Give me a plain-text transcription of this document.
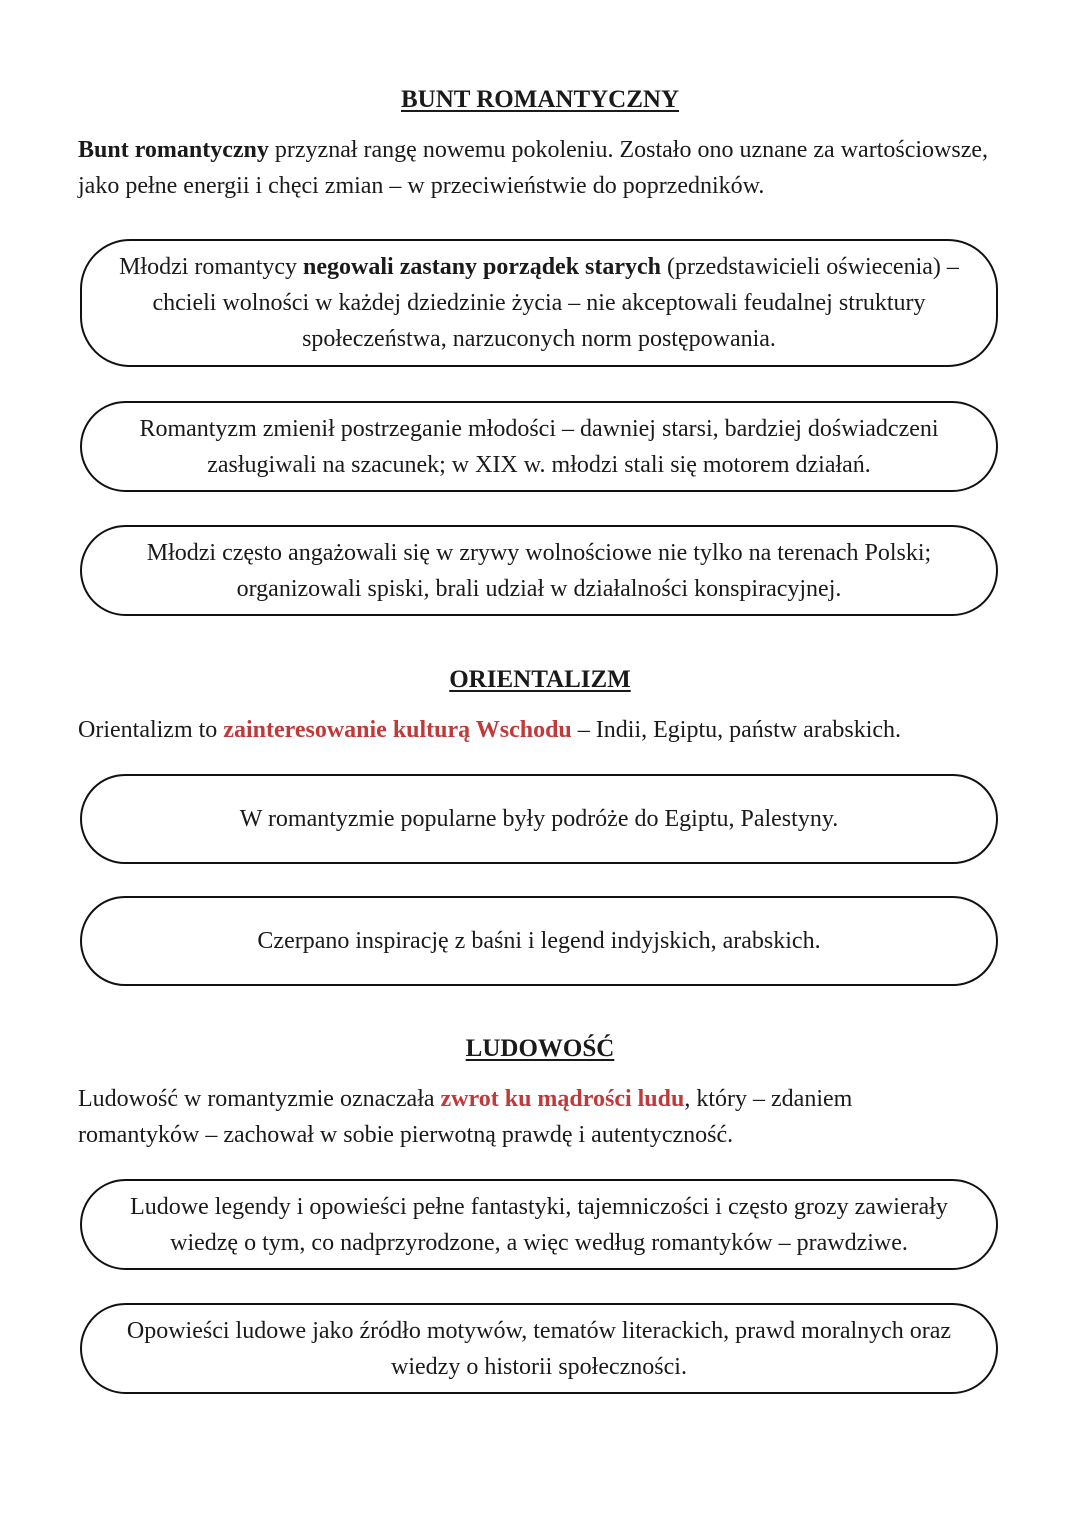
BUNT ROMANTYCZNY
Bunt romantyczny przyznał rangę nowemu pokoleniu. Zostało ono uznane za wartościowsze, jako pełne energii i chęci zmian – w przeciwieństwie do poprzedników.
Młodzi romantycy negowali zastany porządek starych (przedstawicieli oświecenia) – chcieli wolności w każdej dziedzinie życia – nie akceptowali feudalnej struktury społeczeństwa, narzuconych norm postępowania.
Romantyzm zmienił postrzeganie młodości – dawniej starsi, bardziej doświadczeni zasługiwali na szacunek; w XIX w. młodzi stali się motorem działań.
Młodzi często angażowali się w zrywy wolnościowe nie tylko na terenach Polski; organizowali spiski, brali udział w działalności konspiracyjnej.
ORIENTALIZM
Orientalizm to zainteresowanie kulturą Wschodu – Indii, Egiptu, państw arabskich.
W romantyzmie popularne były podróże do Egiptu, Palestyny.
Czerpano inspirację z baśni i legend indyjskich, arabskich.
LUDOWOŚĆ
Ludowość w romantyzmie oznaczała zwrot ku mądrości ludu, który – zdaniem romantyków – zachował w sobie pierwotną prawdę i autentyczność.
Ludowe legendy i opowieści pełne fantastyki, tajemniczości i często grozy zawierały wiedzę o tym, co nadprzyrodzone, a więc według romantyków – prawdziwe.
Opowieści ludowe jako źródło motywów, tematów literackich, prawd moralnych oraz wiedzy o historii społeczności.
